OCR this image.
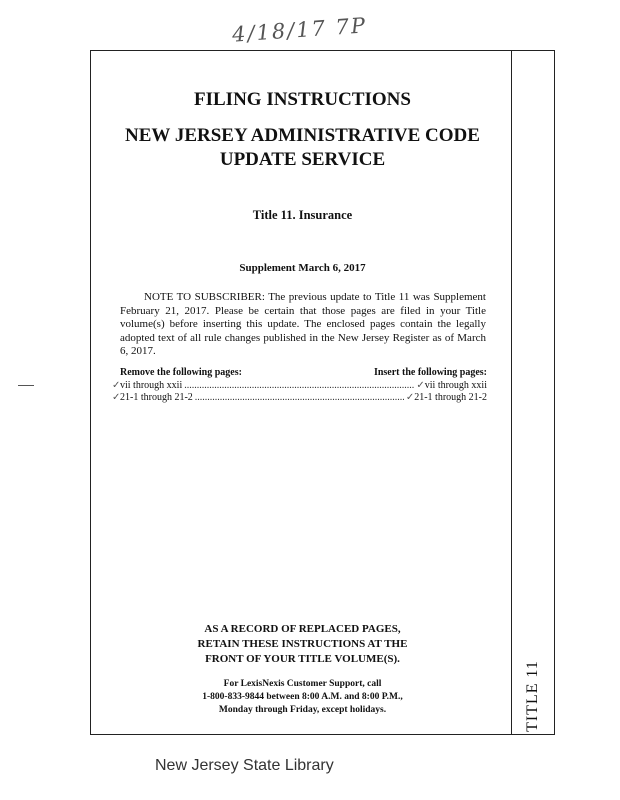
4/18/17 7P
FILING INSTRUCTIONS
NEW JERSEY ADMINISTRATIVE CODE
UPDATE SERVICE
Title 11. Insurance
Supplement March 6, 2017
NOTE TO SUBSCRIBER: The previous update to Title 11 was Supplement February 21, 2017. Please be certain that those pages are filed in your Title volume(s) before inserting this update. The enclosed pages contain the legally adopted text of all rule changes published in the New Jersey Register as of March 6, 2017.
Remove the following pages:	Insert the following pages:
✓ vii through xxii .....	✓ vii through xxii
✓ 21-1 through 21-2 .....	✓ 21-1 through 21-2
AS A RECORD OF REPLACED PAGES,
RETAIN THESE INSTRUCTIONS AT THE
FRONT OF YOUR TITLE VOLUME(S).
For LexisNexis Customer Support, call
1-800-833-9844 between 8:00 A.M. and 8:00 P.M.,
Monday through Friday, except holidays.	TITLE 11
New Jersey State Library
